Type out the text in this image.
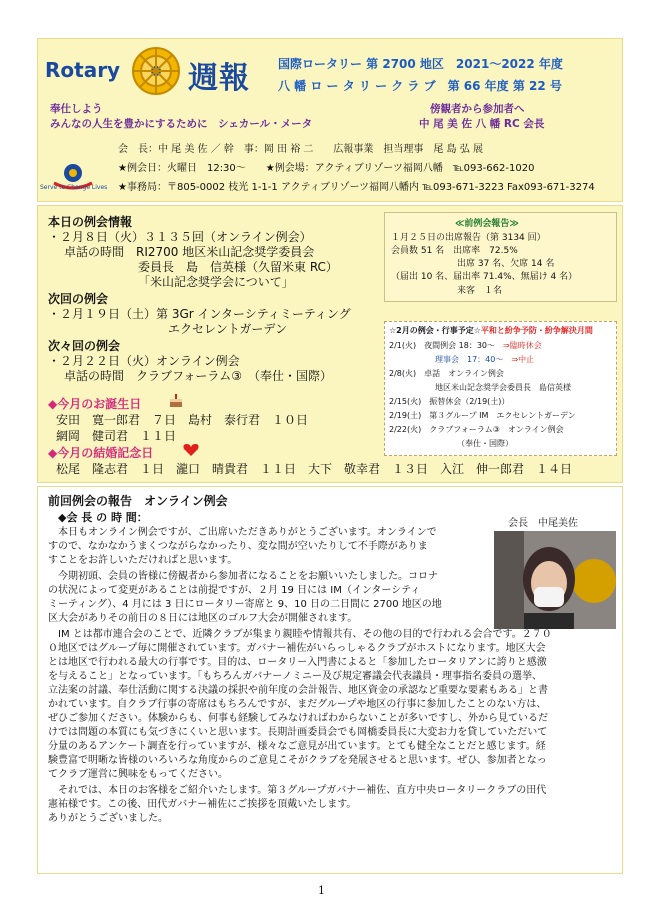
Rotary 週報 国際ロータリー 第 2700 地区　2021～2022 年度
八 幡 ロ ー タ リ ー ク ラ ブ　第 66 年度 第 22 号
奉仕しよう
みんなの人生を豊かにするために　シェカール・メータ
傍観者から参加者へ
中 尾 美 佐 八 幡 RC 会長
会　長：中 尾 美 佐 ／ 幹　事：岡 田 裕 二　　広報事業　担当理事　尾 島 弘 展
★例会日：火曜日　12:30～　　★例会場：アクティブリゾーツ福岡八幡　℡093-662-1020
★事務局：〒805-0002 枝光 1-1-1 アクティブリゾーツ福岡八幡内 ℡093-671-3223 Fax093-671-3274
Serve to Change Lives
本日の例会情報
・２月８日（火）３１３５回（オンライン例会）
卓話の時間　RI2700 地区米山記念奨学委員会
委員長　島　信英様（久留米東 RC）
「米山記念奨学会について」
次回の例会
・２月１９日（土）第 3Gr インターシティミーティング
エクセレントガーデン
次々回の例会
・２月２２日（火）オンライン例会
卓話の時間　クラブフォーラム③　（奉仕・国際）
◆今月のお誕生日
安田　寛一郎君　７日　島村　泰行君　１０日
網岡　健司君　１１日
◆今月の結婚記念日
松尾　隆志君　１日　瀧口　晴貴君　１１日　大下　敬幸君　１３日　入江　伸一郎君　１４日
≪前例会報告≫
１月２５日の出席報告（第 3134 回）
会員数 51 名　出席率　72.5%
出席 37 名、欠席 14 名
（届出 10 名、届出率 71.4%、無届け 4 名）
来客　１名
☆2月の例会・行事予定☆平和と紛争予防・紛争解決月間
2/1(火)　 夜間例会 18：30～　 ⇒臨時休会
理事会　17：40～　 ⇒中止
2/8(火)　 卓話　オンライン例会
地区米山記念奨学会委員長　島信英様
2/15(火)　 振替休会（2/19(土)）
2/19(土)　 第３グループ IM　エクセレントガーデン
2/22(火)　 クラブフォーラム③　オンライン例会
（奉仕・国際）
前回例会の報告　オンライン例会
◆会 長 の 時 間：	会長　中尾美佐
本日もオンライン例会ですが、ご出席いただきありがとうございます。オンラインで
すので、なかなかうまくつながらなかったり、変な間が空いたりして不手際がありま
すことをお許しいただければと思います。
今期初頭、会員の皆様に傍観者から参加者になることをお願いいたしました。コロナ
の状況によって変更があることは前提ですが、２月 19 日には IM（インターシティ
ミーティング）、4 月には 3 日にロータリー寄席と 9、10 日の二日間に 2700 地区の地
区大会がありその前日の８日には地区のゴルフ大会が開催されます。
IM とは都市連合会のことで、近隣クラブが集まり親睦や情報共有、その他の目的で行われる会合です。２７０
０地区ではグループ毎に開催されています。ガバナー補佐がいらっしゃるクラブがホストになります。地区大会
とは地区で行われる最大の行事です。目的は、ロータリー入門書によると「参加したロータリアンに誇りと感激
を与えること」となっています。「もちろんガバナーノミニー及び規定審議会代表議員・理事指名委員の選挙、
立法案の討議、奉仕活動に関する決議の採択や前年度の会計報告、地区資金の承認など重要な要素もある」と書
かれています。自クラブ行事の寄席はもちろんですが、まだグループや地区の行事に参加したことのない方は、
ぜひご参加ください。体験からも、何事も経験してみなければわからないことが多いですし、外から見ているだ
けでは問題の本質にも気づきにくいと思います。長期計画委員会でも岡橋委員長に大変お力を貸していただいて
分量のあるアンケート調査を行っていますが、様々なご意見が出ています。とても健全なことだと感じます。経
験豊富で明晰な皆様のいろいろな角度からのご意見こそがクラブを発展させると思います。ぜひ、参加者となっ
てクラブ運営に興味をもってください。
それでは、本日のお客様をご紹介いたします。第３グループガバナー補佐、直方中央ロータリークラブの田代
憲祐様です。この後、田代ガバナー補佐にご挨拶を頂戴いたします。
ありがとうございました。
1
